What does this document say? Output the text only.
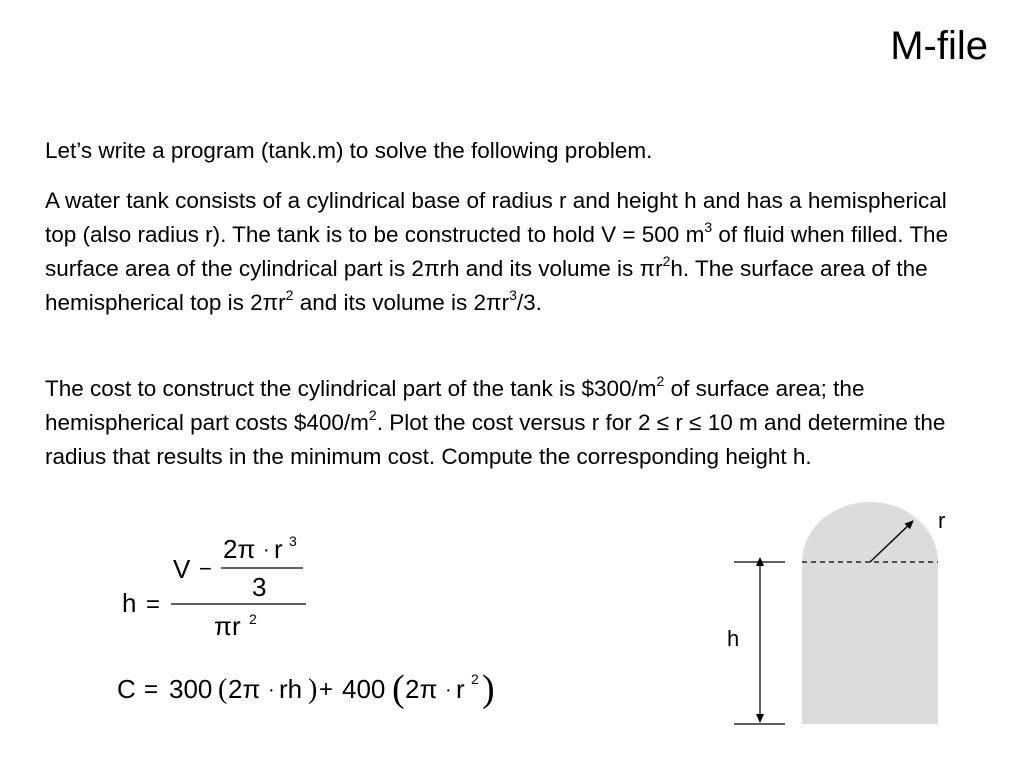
M-file

Let’s write a program (tank.m) to solve the following problem.

A water tank consists of a cylindrical base of radius r and height h and has a hemispherical top (also radius r). The tank is to be constructed to hold V = 500 $m^3$ of fluid when filled. The surface area of the cylindrical part is 2πrh and its volume is $\pi r^2h$. The surface area of the hemispherical top is $2\pi r^2$ and its volume is $2\pi r^3/3$.

The cost to construct the cylindrical part of the tank is $\$300/m^2$ of surface area; the hemispherical part costs $\$400/m^2$. Plot the cost versus r for 2 ≤ r ≤ 10 m and determine the radius that results in the minimum cost. Compute the corresponding height h.

h =
V −
2π · r 3
3
πr 2
C = 300 ( 2π · rh ) + 400 ( 2π · r 2 )
r
h
